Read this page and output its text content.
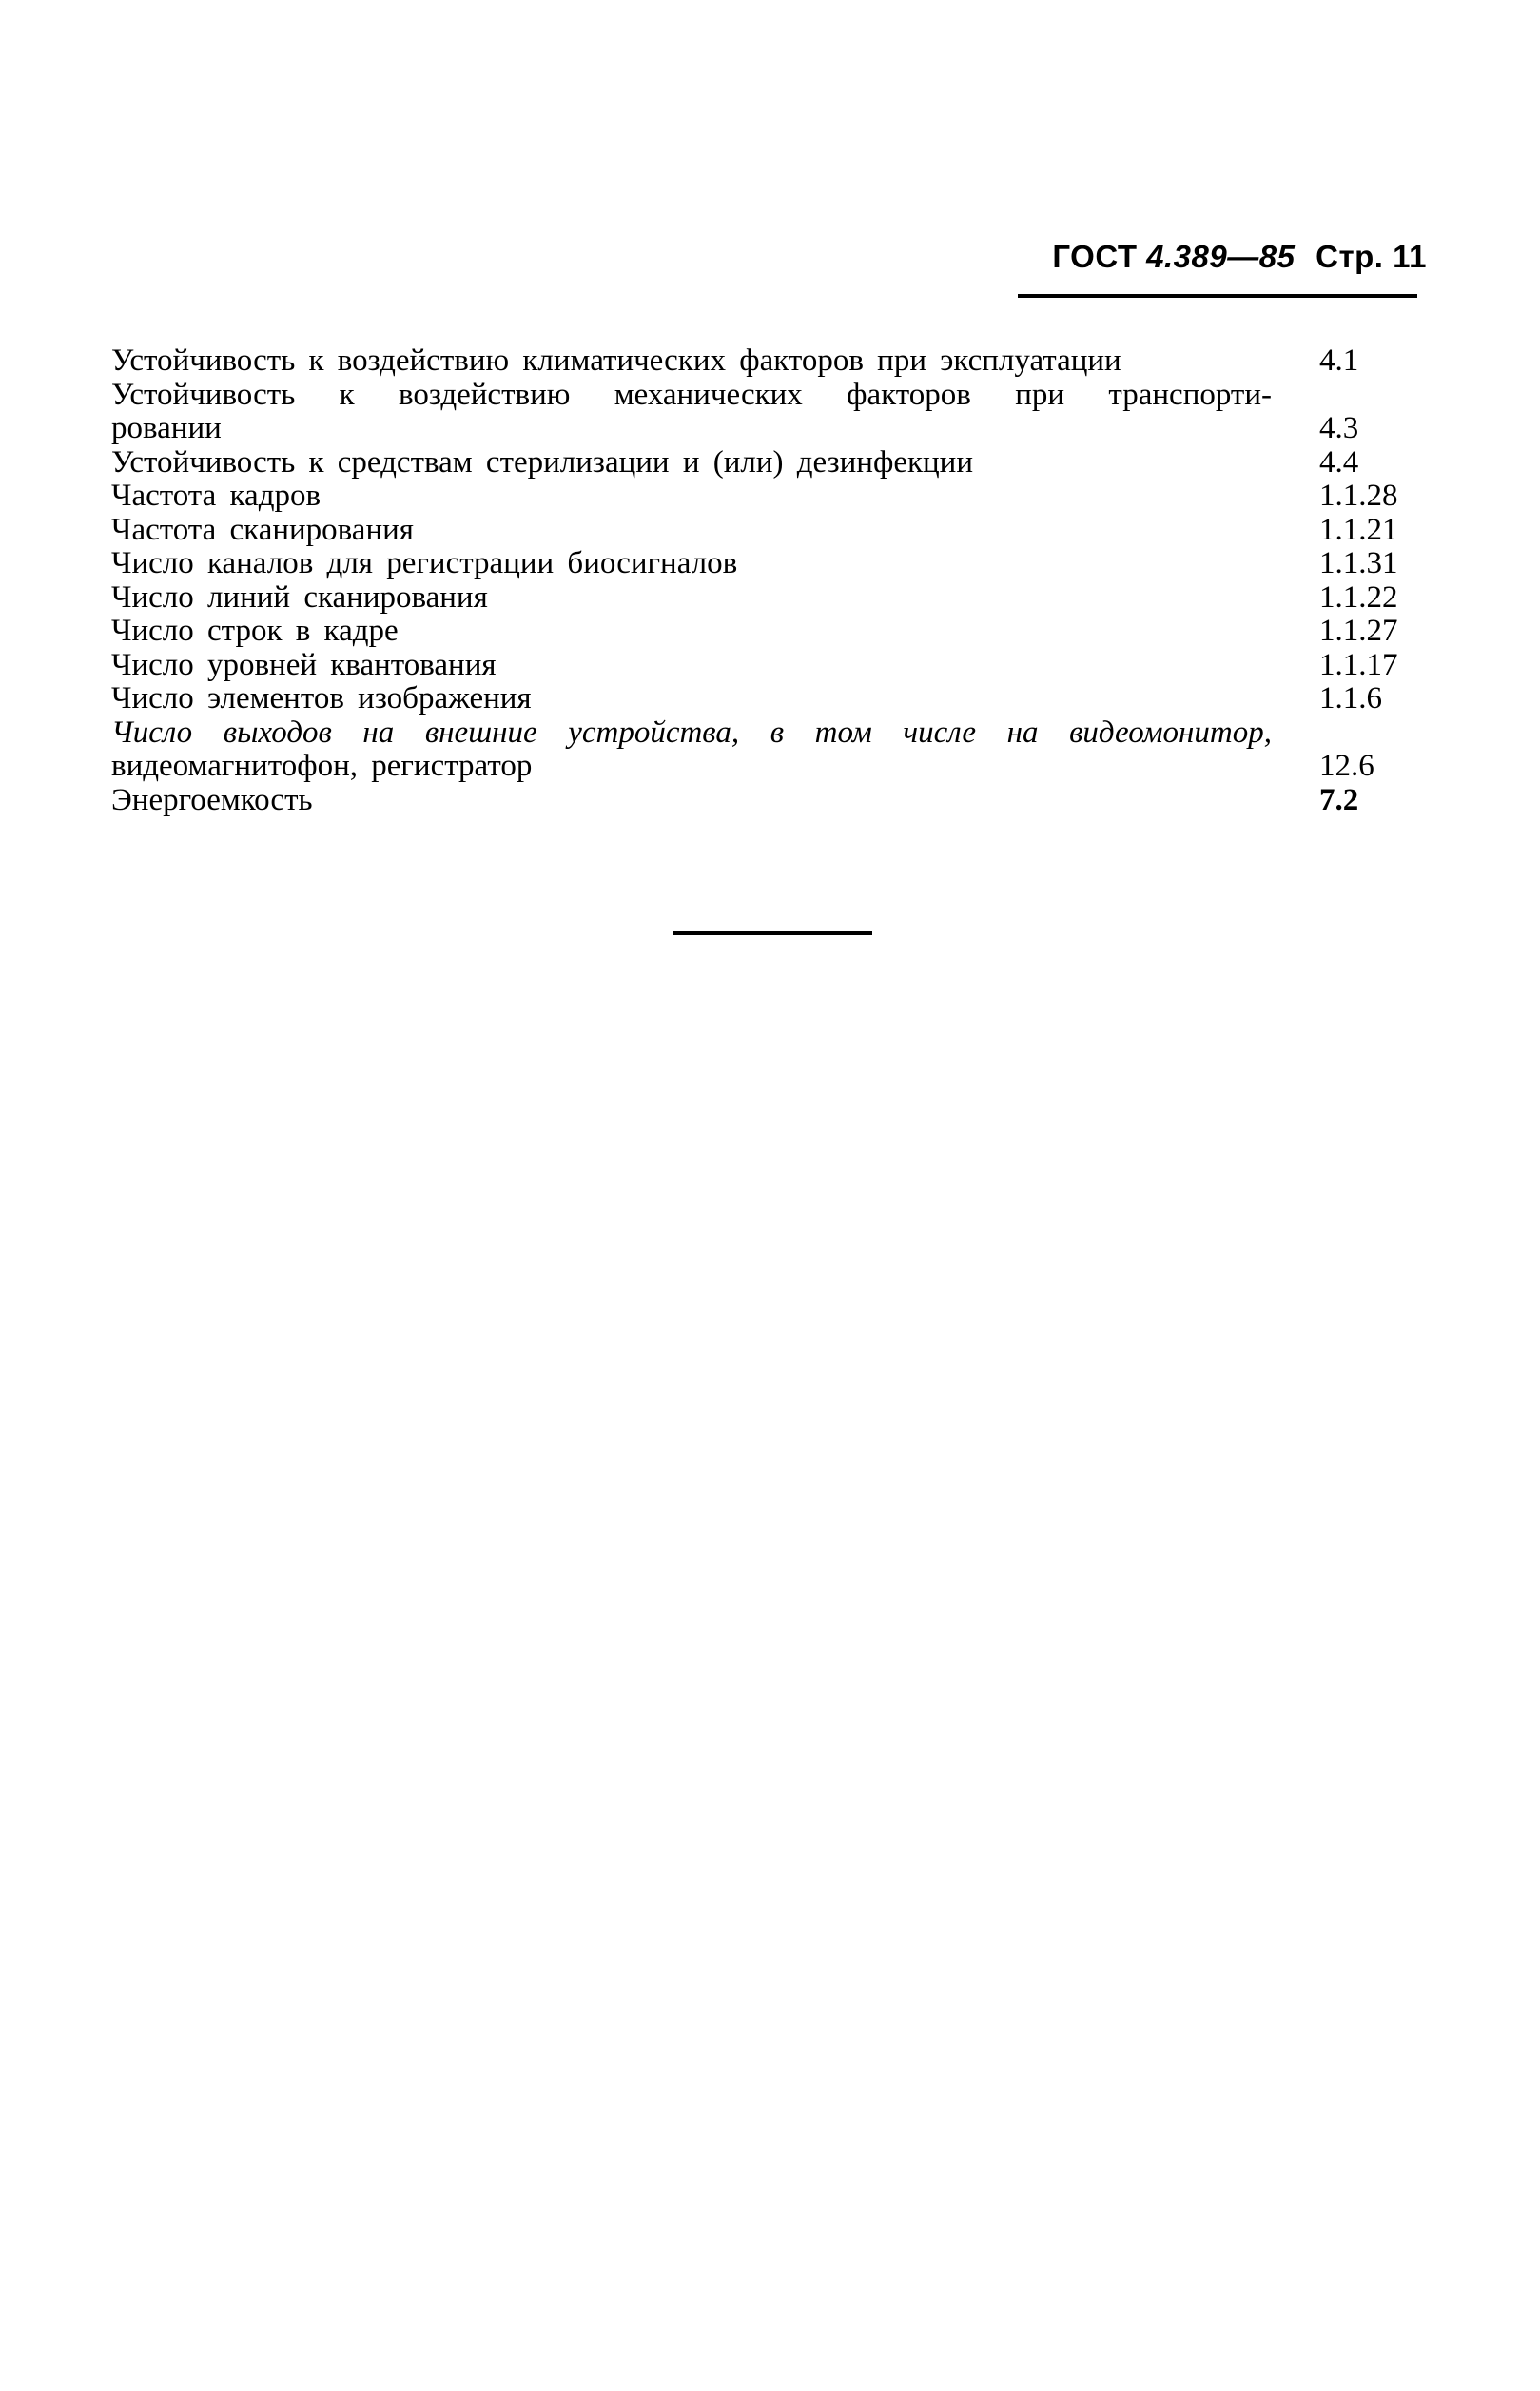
ГОСТ 4.389—85 Стр. 11
Устойчивость к воздействию климатических факторов при эксплуатации	4.1
Устойчивость к воздействию механических факторов при транспорти-
ровании	4.3
Устойчивость к средствам стерилизации и (или) дезинфекции	4.4
Частота кадров	1.1.28
Частота сканирования	1.1.21
Число каналов для регистрации биосигналов	1.1.31
Число линий сканирования	1.1.22
Число строк в кадре	1.1.27
Число уровней квантования	1.1.17
Число элементов изображения	1.1.6
Число выходов на внешние устройства, в том числе на видеомонитор,
видеомагнитофон, регистратор	12.6
Энергоемкость	7.2
